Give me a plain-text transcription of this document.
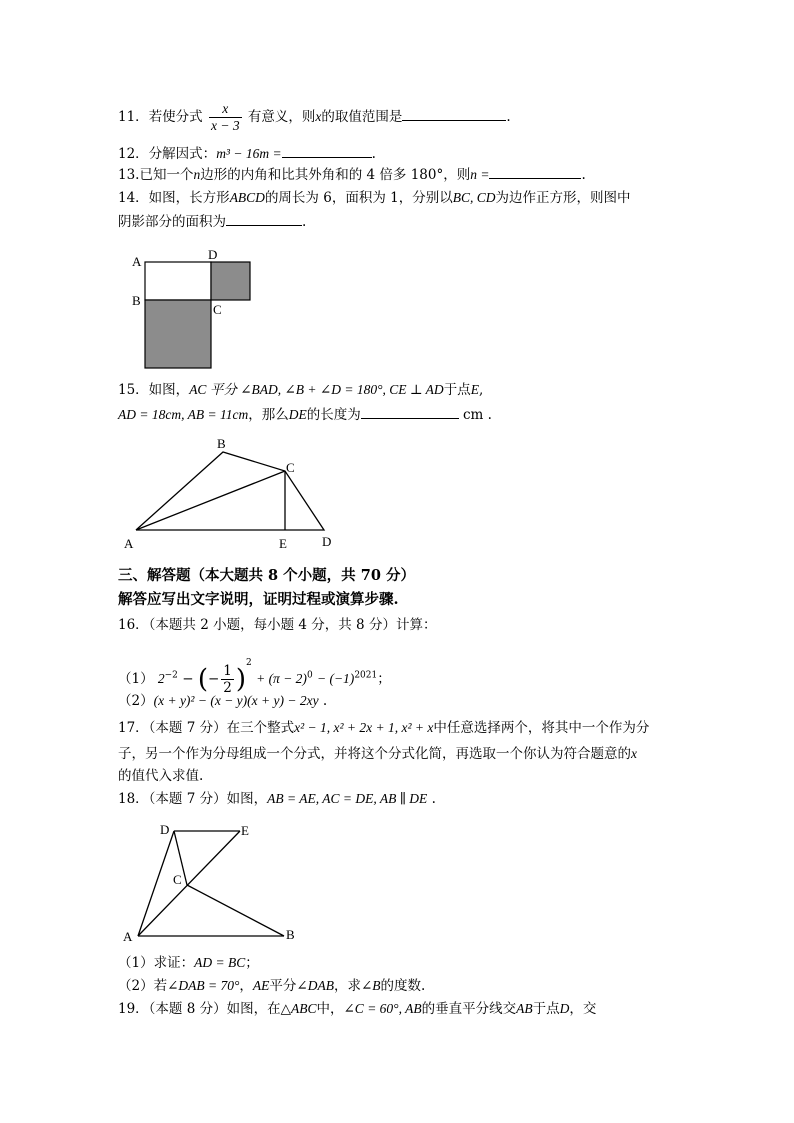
11．若使分式 $\frac{x}{x - 3}$ 有意义，则x的取值范围是	.
12．分解因式：m³ − 16m =	.
13.已知一个n边形的内角和比其外角和的 4 倍多 180°，则n =	.
14．如图，长方形ABCD的周长为 6，面积为 1，分别以BC, CD为边作正方形，则图中
阴影部分的面积为	.
A	D
B
C
15．如图，AC 平分 ∠BAD, ∠B + ∠D = 180°, CE ⊥ AD于点E,
AD = 18cm, AB = 11cm，那么DE的长度为	cm .
A
B
C
E	D
三、解答题（本大题共 8 个小题，共 70 分）
解答应写出文字说明，证明过程或演算步骤.
16．（本题共 2 小题，每小题 4 分，共 8 分）计算：
（1） $2^{-2}$ − (− $\frac{1}{2} )^2 + (\pi - 2)^0 - (-1)^{2021}$；
（2）(x + y)² − (x − y)(x + y) − 2xy .
17．（本题 7 分）在三个整式x² − 1, x² + 2x + 1, x² + x中任意选择两个，将其中一个作为分
子，另一个作为分母组成一个分式，并将这个分式化简，再选取一个你认为符合题意的x
的值代入求值.
18．（本题 7 分）如图，AB = AE, AC = DE, AB ∥ DE .
D	E
C
A	B
（1）求证：AD = BC；
（2）若∠DAB = 70°，AE平分∠DAB，求∠B的度数.
19．（本题 8 分）如图，在△ABC中，∠C = 60°, AB的垂直平分线交AB于点D，交
